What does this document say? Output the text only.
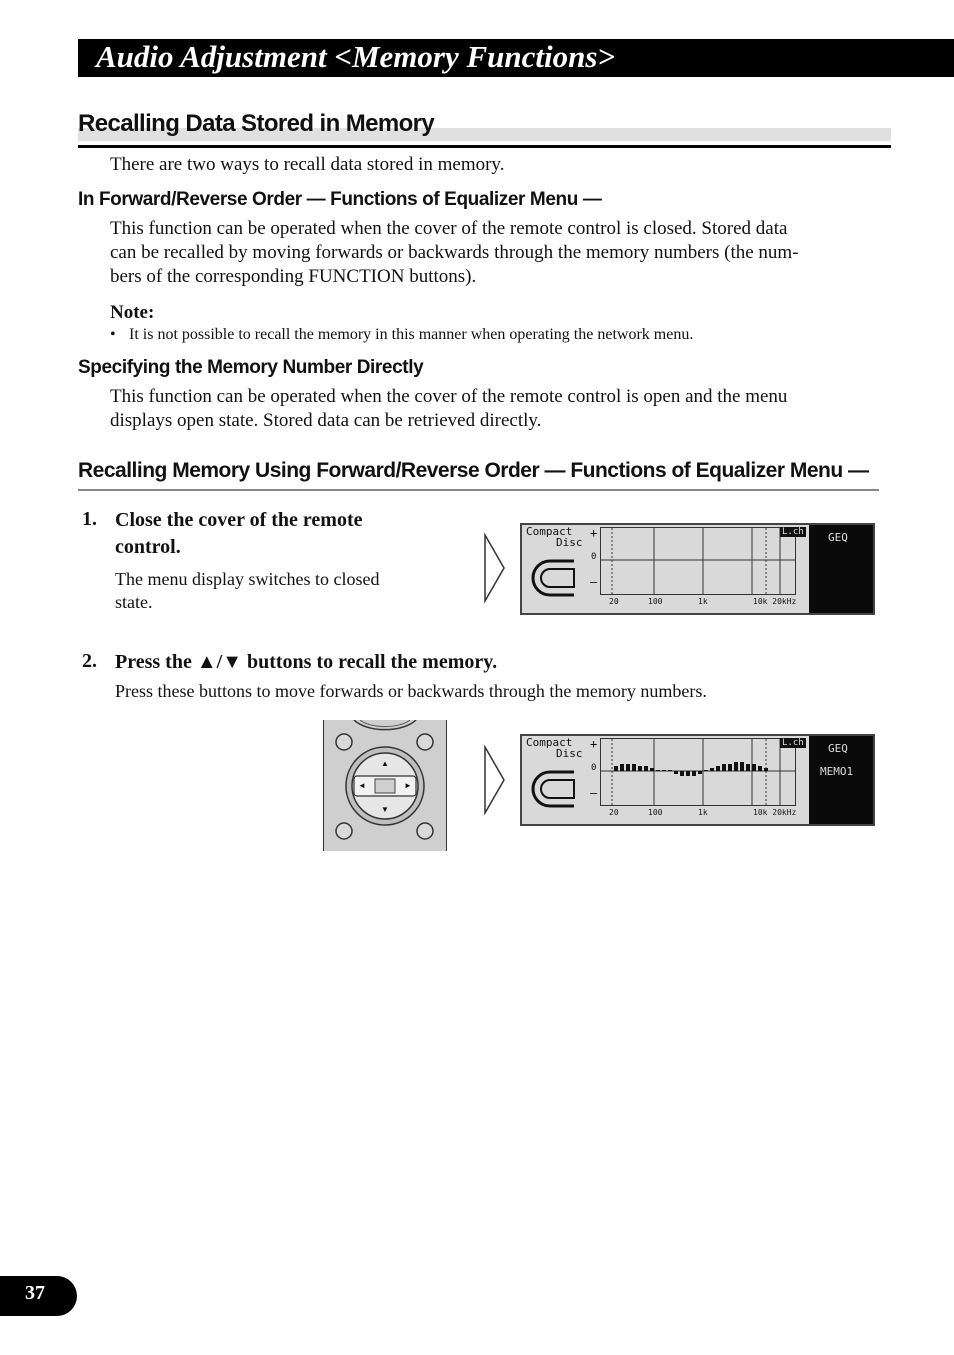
Audio Adjustment <Memory Functions>
Recalling Data Stored in Memory
There are two ways to recall data stored in memory.
In Forward/Reverse Order — Functions of Equalizer Menu —
This function can be operated when the cover of the remote control is closed. Stored data
can be recalled by moving forwards or backwards through the memory numbers (the num-
bers of the corresponding FUNCTION buttons).
Note:
• It is not possible to recall the memory in this manner when operating the network menu.
Specifying the Memory Number Directly
This function can be operated when the cover of the remote control is open and the menu
displays open state. Stored data can be retrieved directly.
Recalling Memory Using Forward/Reverse Order — Functions of Equalizer Menu —
1. Close the cover of the remote
control.
The menu display switches to closed
state.
Compact
Disc
+
0
–
20	100	1k	10k 20kHz
L.ch GEQ
2. Press the ▲/▼ buttons to recall the memory.
Press these buttons to move forwards or backwards through the memory numbers.
▲
▼
◄	►
Compact
Disc
+
0
–
20	100	1k	10k 20kHz
L.ch GEQ
MEMO1
37
